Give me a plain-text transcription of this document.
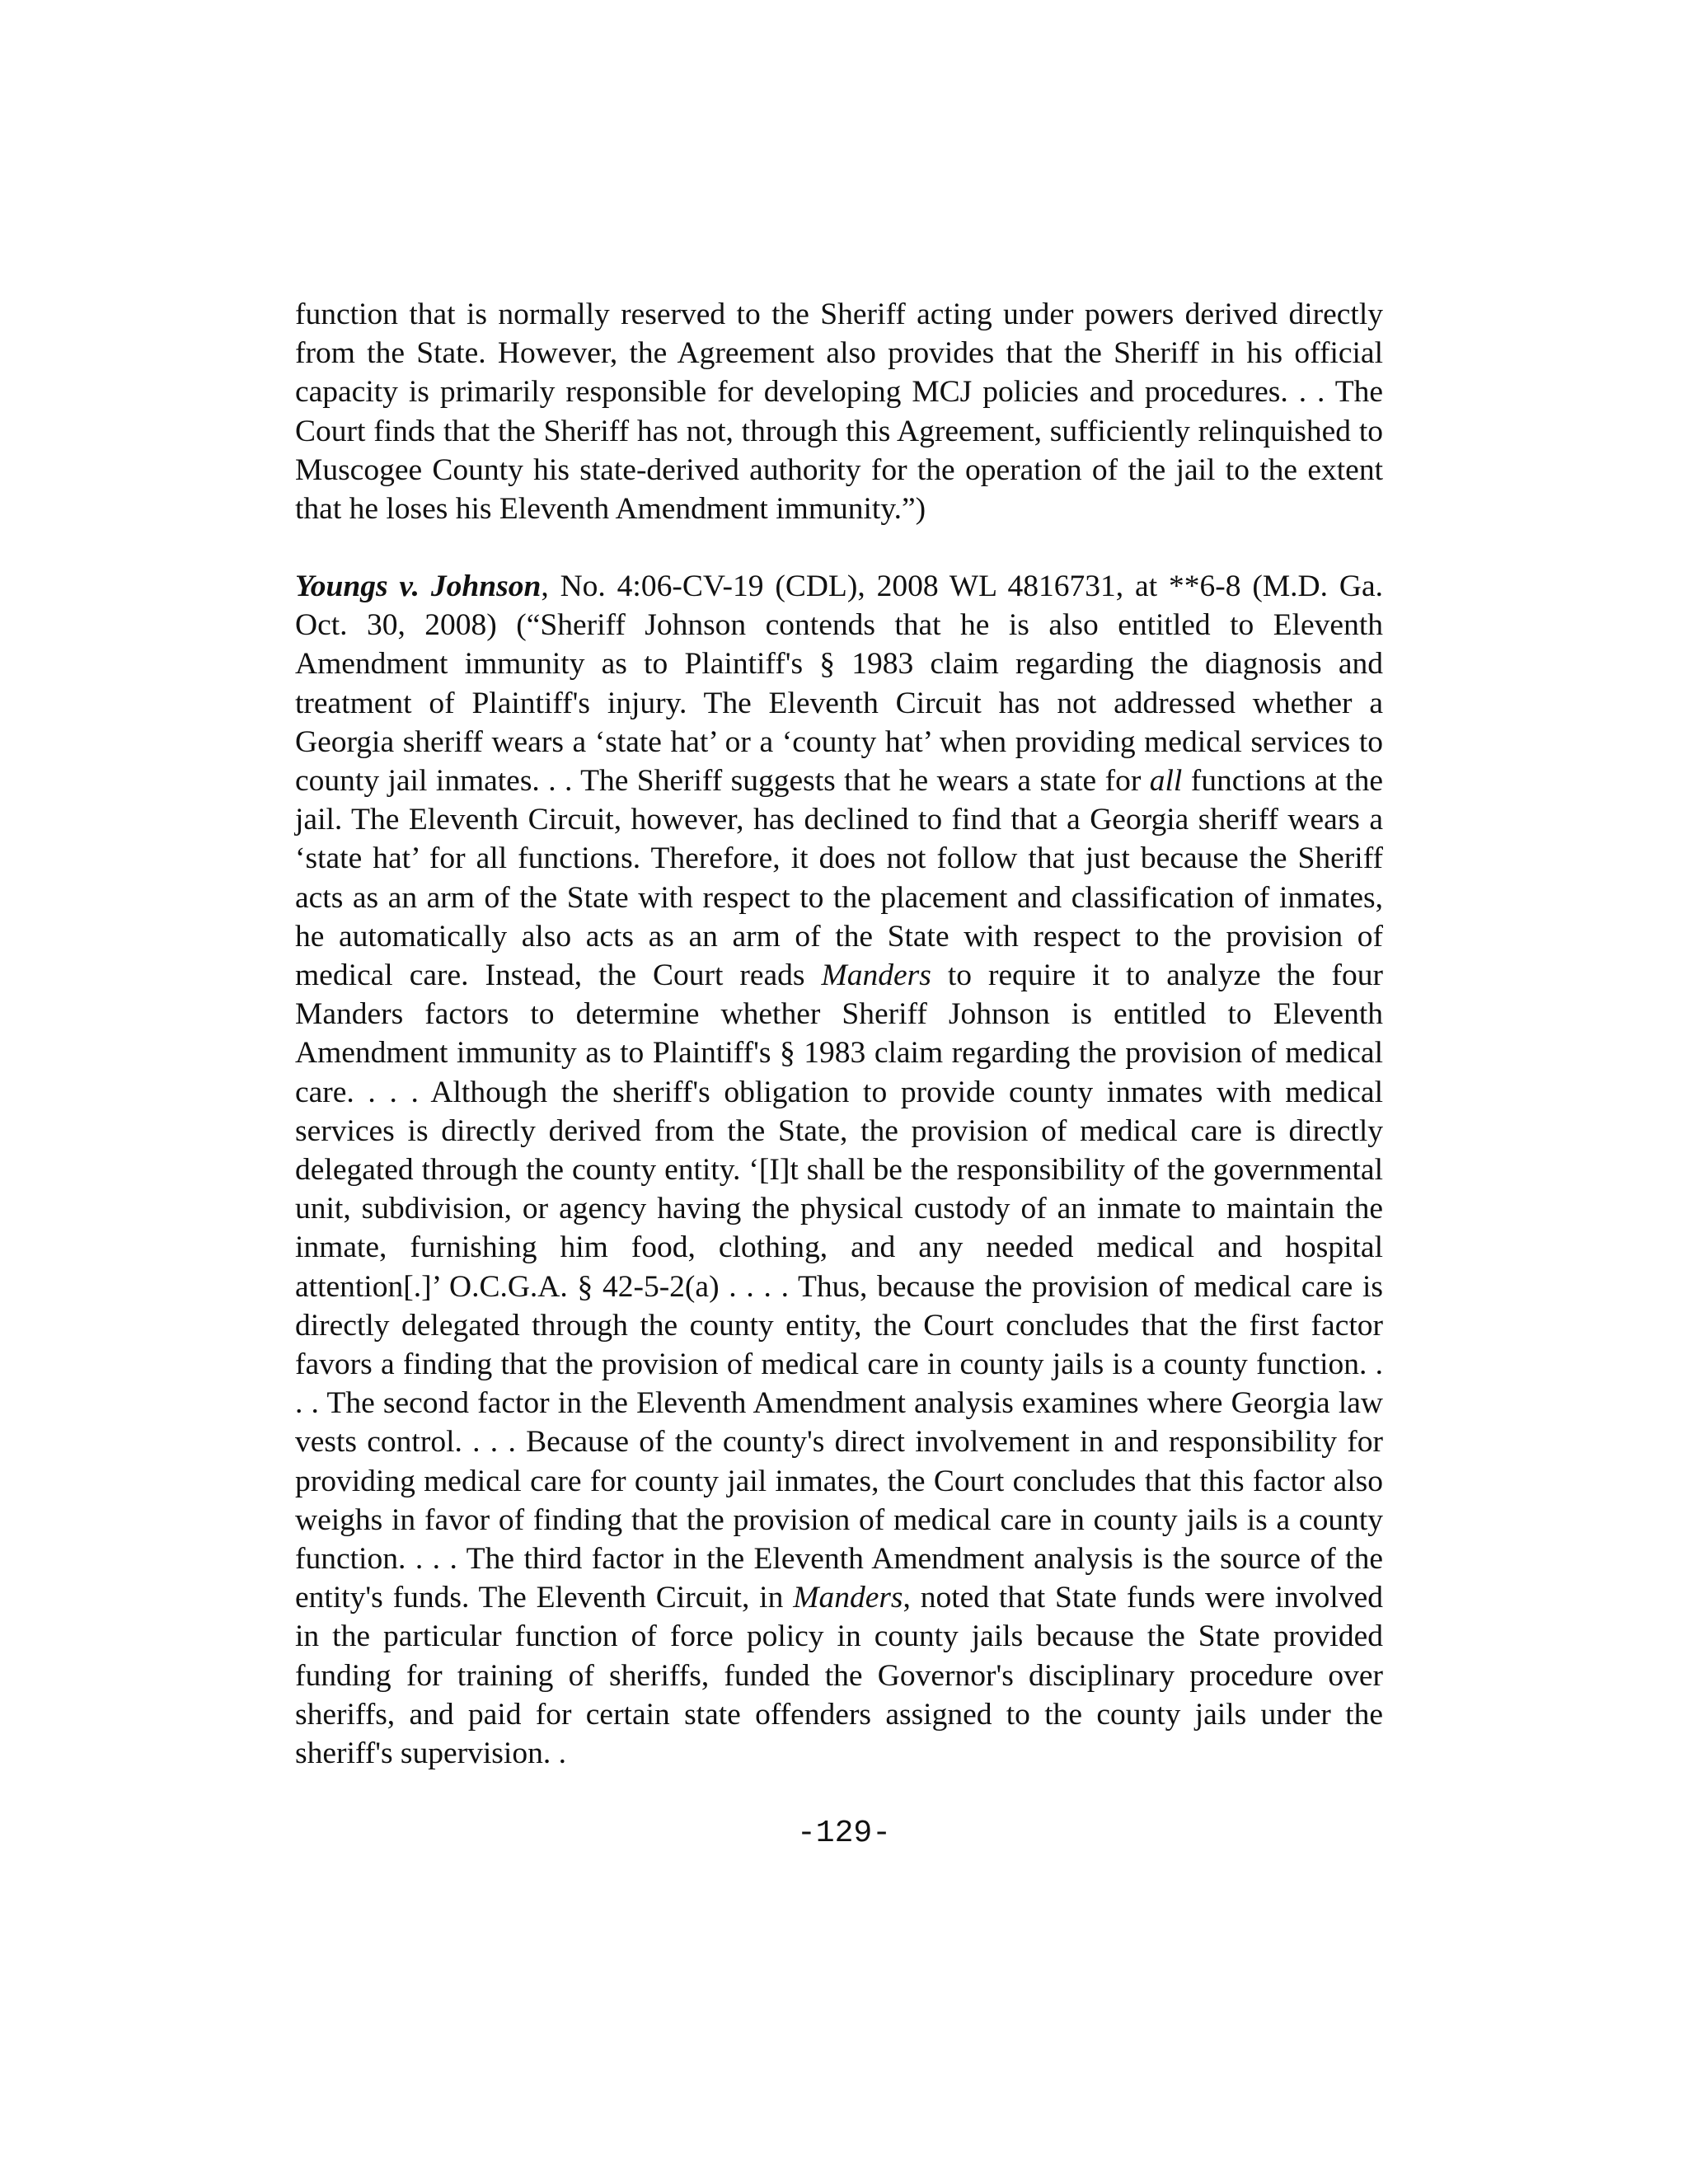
function that is normally reserved to the Sheriff acting under powers derived directly from the State. However, the Agreement also provides that the Sheriff in his official capacity is primarily responsible for developing MCJ policies and procedures. . . The Court finds that the Sheriff has not, through this Agreement, sufficiently relinquished to Muscogee County his state-derived authority for the operation of the jail to the extent that he loses his Eleventh Amendment immunity.”)

Youngs v. Johnson, No. 4:06-CV-19 (CDL), 2008 WL 4816731, at **6-8 (M.D. Ga. Oct. 30, 2008) (“Sheriff Johnson contends that he is also entitled to Eleventh Amendment immunity as to Plaintiff's § 1983 claim regarding the diagnosis and treatment of Plaintiff's injury. The Eleventh Circuit has not addressed whether a Georgia sheriff wears a ‘state hat’ or a ‘county hat’ when providing medical services to county jail inmates. . . The Sheriff suggests that he wears a state for all functions at the jail. The Eleventh Circuit, however, has declined to find that a Georgia sheriff wears a ‘state hat’ for all functions. Therefore, it does not follow that just because the Sheriff acts as an arm of the State with respect to the placement and classification of inmates, he automatically also acts as an arm of the State with respect to the provision of medical care. Instead, the Court reads Manders to require it to analyze the four Manders factors to determine whether Sheriff Johnson is entitled to Eleventh Amendment immunity as to Plaintiff's § 1983 claim regarding the provision of medical care. . . . Although the sheriff's obligation to provide county inmates with medical services is directly derived from the State, the provision of medical care is directly delegated through the county entity. ‘[I]t shall be the responsibility of the governmental unit, subdivision, or agency having the physical custody of an inmate to maintain the inmate, furnishing him food, clothing, and any needed medical and hospital attention[.]’ O.C.G.A. § 42-5-2(a) . . . . Thus, because the provision of medical care is directly delegated through the county entity, the Court concludes that the first factor favors a finding that the provision of medical care in county jails is a county function. . . . The second factor in the Eleventh Amendment analysis examines where Georgia law vests control. . . . Because of the county's direct involvement in and responsibility for providing medical care for county jail inmates, the Court concludes that this factor also weighs in favor of finding that the provision of medical care in county jails is a county function. . . . The third factor in the Eleventh Amendment analysis is the source of the entity's funds. The Eleventh Circuit, in Manders, noted that State funds were involved in the particular function of force policy in county jails because the State provided funding for training of sheriffs, funded the Governor's disciplinary procedure over sheriffs, and paid for certain state offenders assigned to the county jails under the sheriff's supervision. .

-129-
